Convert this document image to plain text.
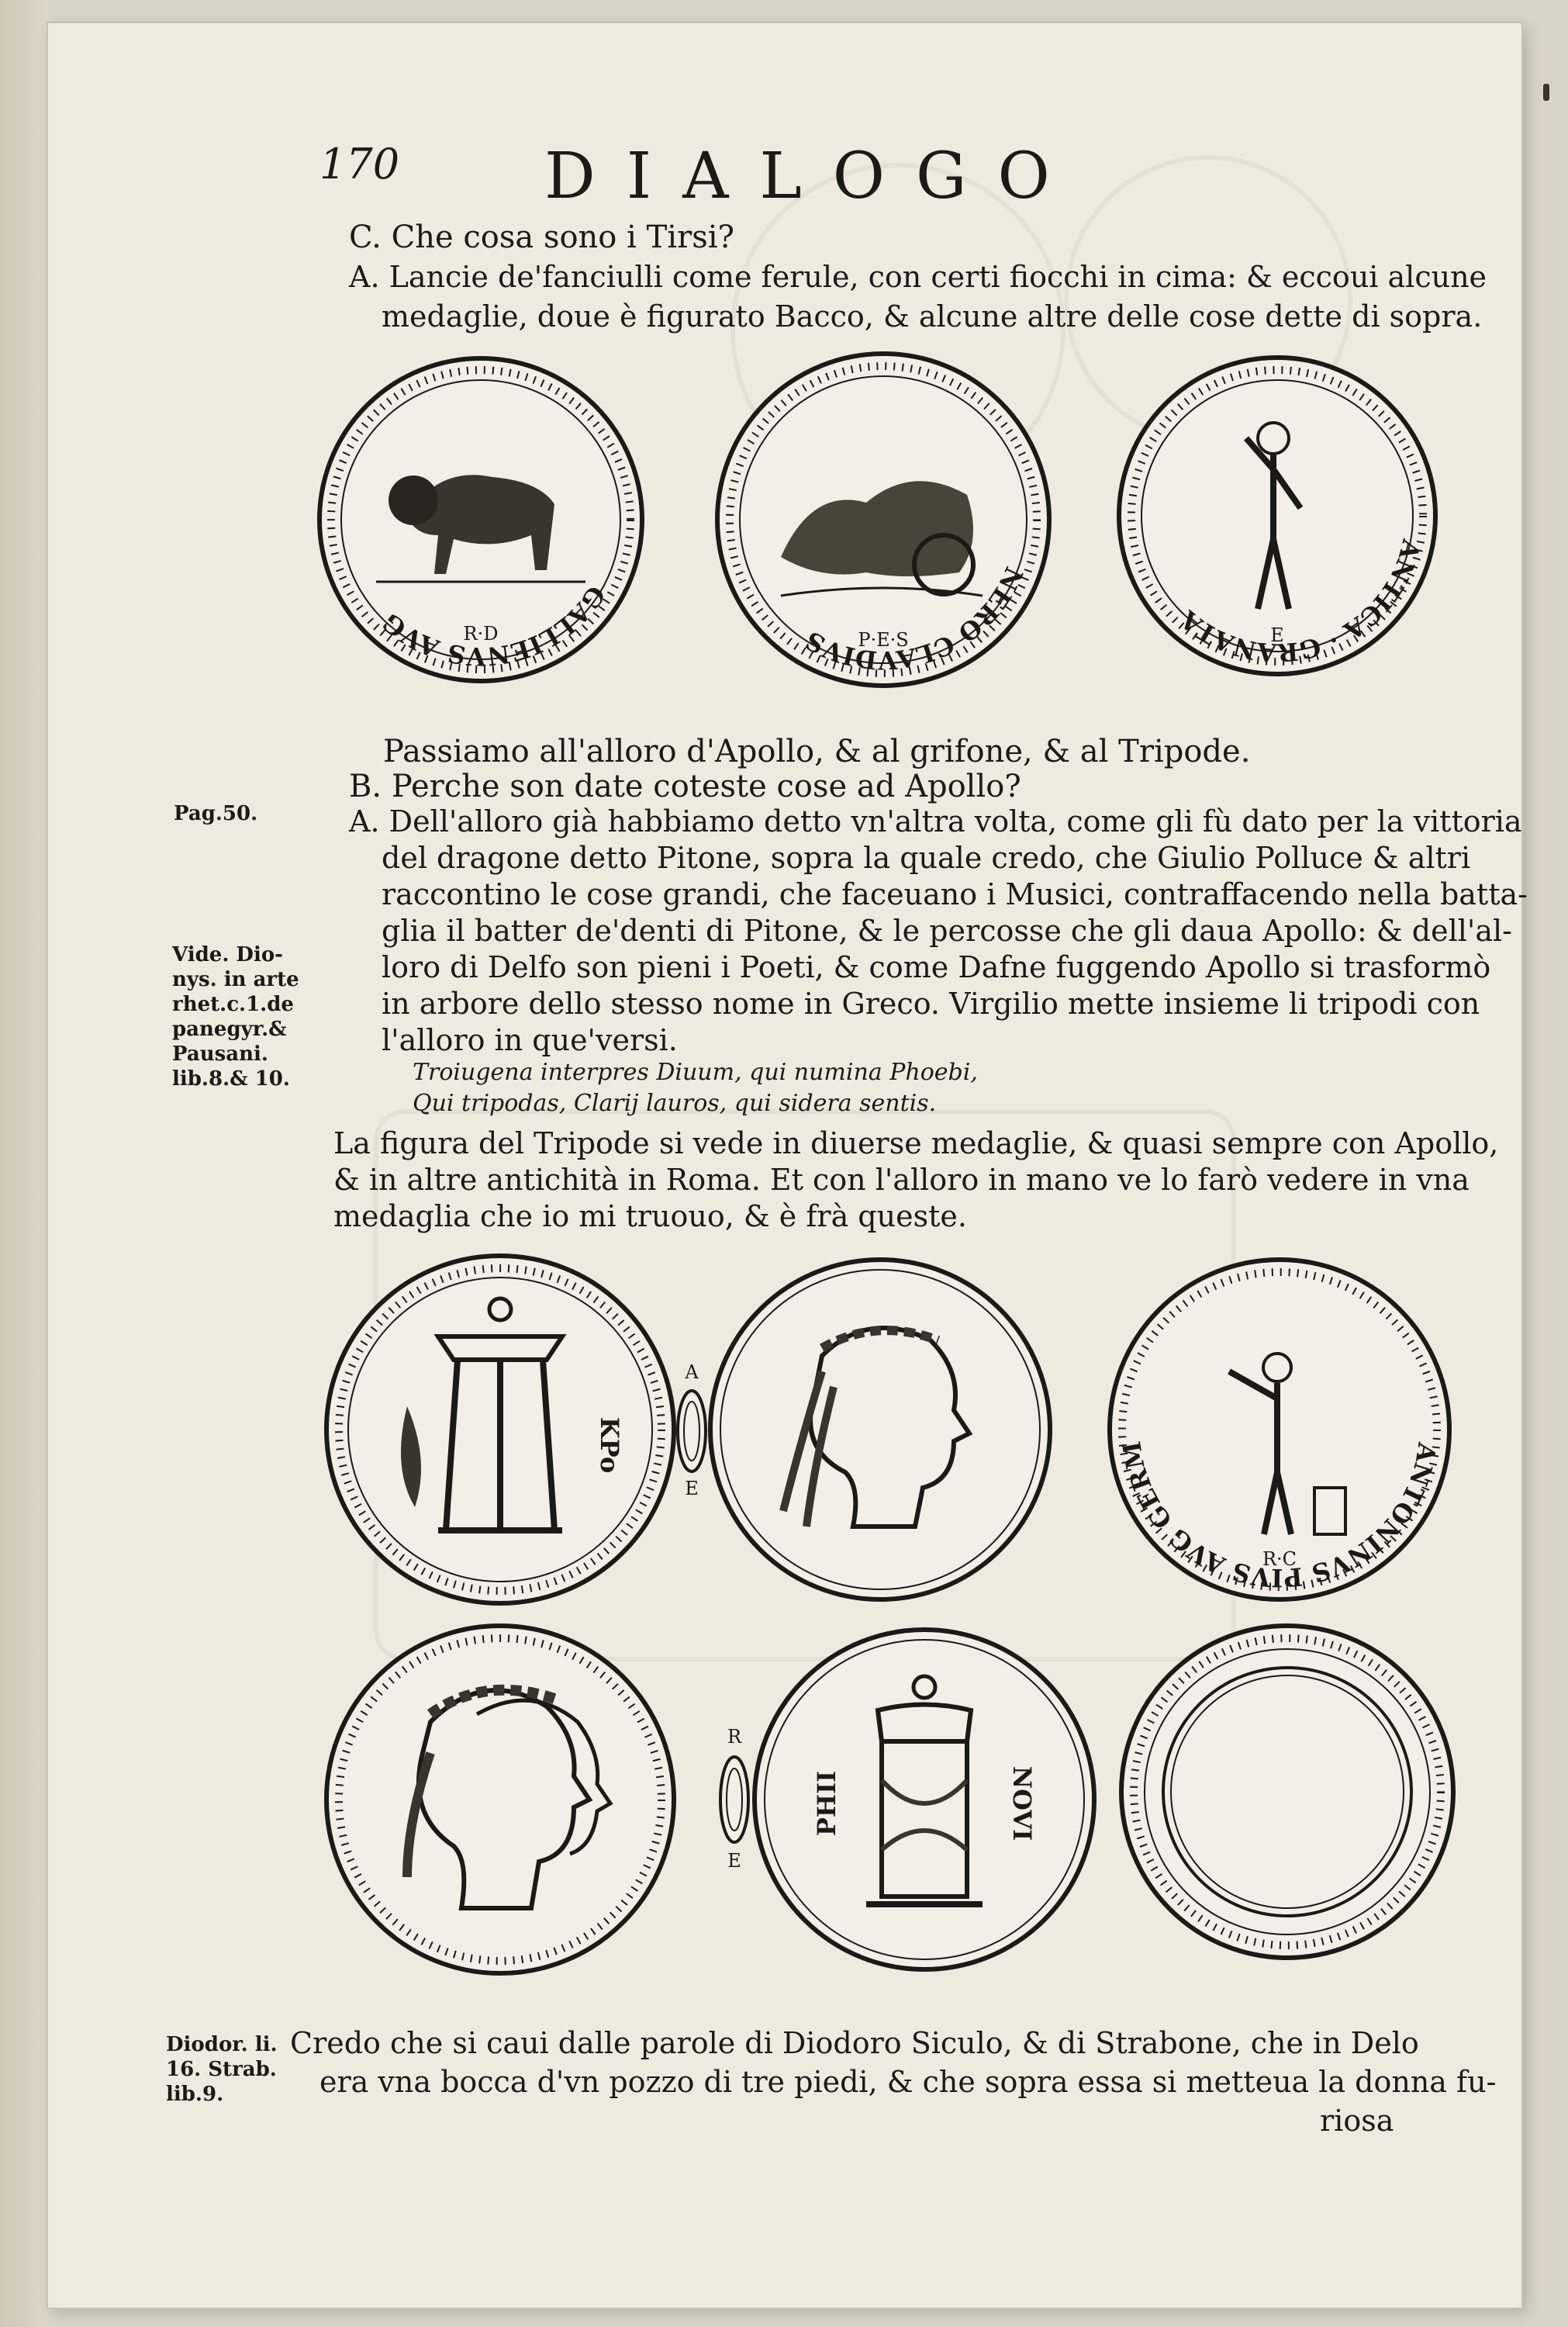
170 DIALOGO
C. Che cosa sono i Tirsi?
A. Lancie de'fanciulli come ferule, con certi fiocchi in cima: & eccoui alcune
medaglie, doue è figurato Bacco, & alcune altre delle cose dette di sopra.
GALLIENVS AVG	R·D
NERO CLAVDIVS	P·E·S
ANTICA · GRANATA	E
Passiamo all'alloro d'Apollo, & al grifone, & al Tripode.
B. Perche son date coteste cose ad Apollo?
Pag.50.	A. Dell'alloro già habbiamo detto vn'altra volta, come gli fù dato per la vittoria
del dragone detto Pitone, sopra la quale credo, che Giulio Polluce & altri
raccontino le cose grandi, che faceuano i Musici, contraffacendo nella batta-
glia il batter de'denti di Pitone, & le percosse che gli daua Apollo: & dell'al-
loro di Delfo son pieni i Poeti, & come Dafne fuggendo Apollo si trasformò
in arbore dello stesso nome in Greco. Virgilio mette insieme li tripodi con
l'alloro in que'versi.
Vide. Dio-
nys. in arte
rhet.c.1.de
panegyr.&
Pausani.
lib.8.& 10.	Troiugena interpres Diuum, qui numina Phoebi,
Qui tripodas, Clarij lauros, qui sidera sentis.
La figura del Tripode si vede in diuerse medaglie, & quasi sempre con Apollo,
& in altre antichità in Roma. Et con l'alloro in mano ve lo farò vedere in vna
medaglia che io mi truouo, & è frà queste.
KPo
A
E
ANTONINVS PIVS AVG GERM
R·C
R
E
PHII	NOVI
Diodor. li.
16. Strab.
lib.9.
Credo che si caui dalle parole di Diodoro Siculo, & di Strabone, che in Delo
era vna bocca d'vn pozzo di tre piedi, & che sopra essa si metteua la donna fu-
riosa
